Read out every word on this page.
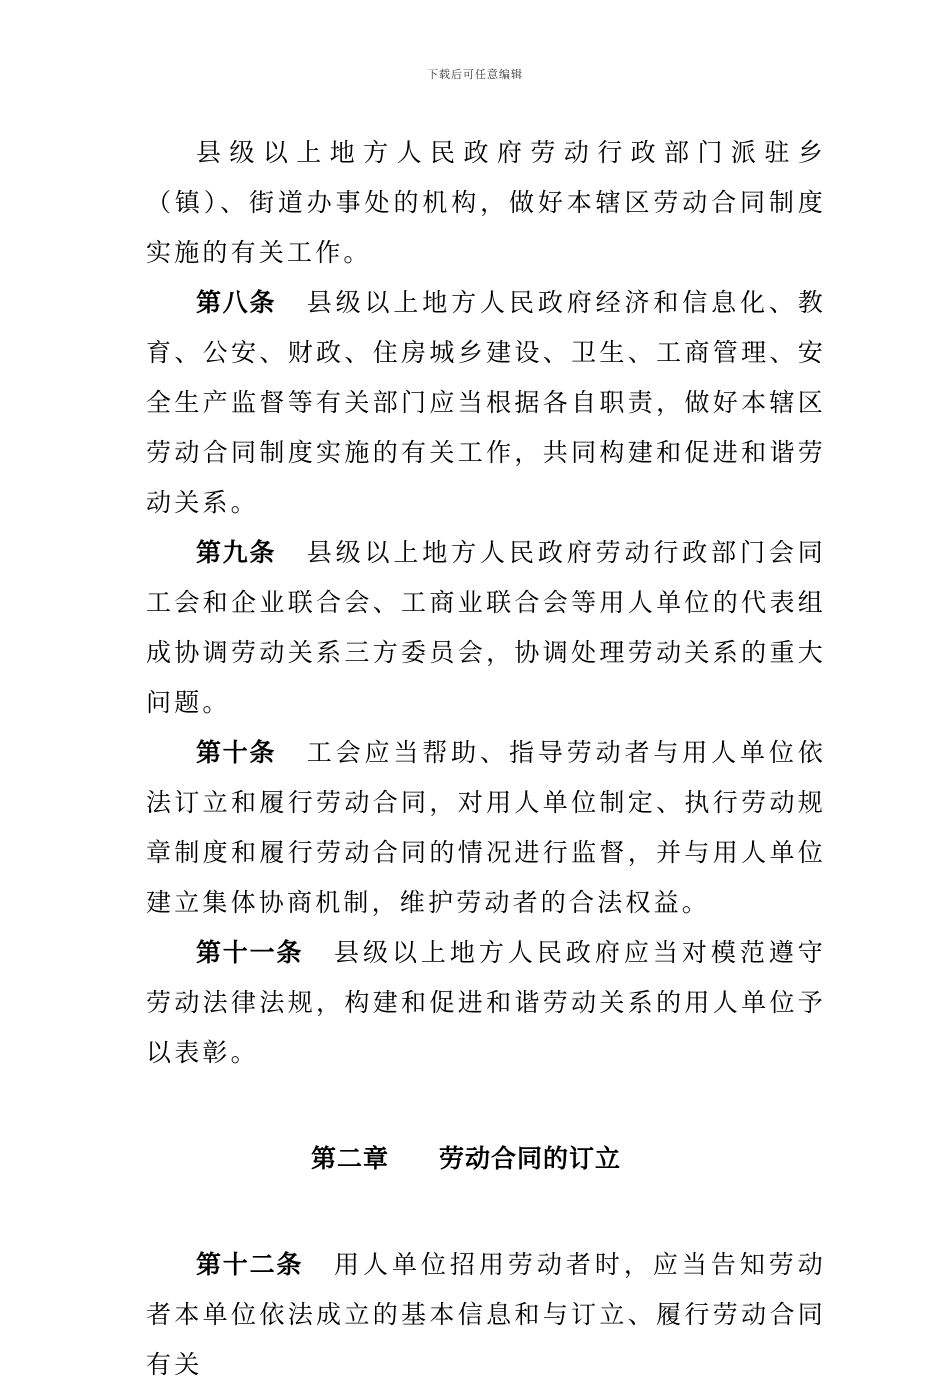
下载后可任意编辑

县级以上地方人民政府劳动行政部门派驻乡（镇）、街道办事处的机构，做好本辖区劳动合同制度实施的有关工作。

第八条 县级以上地方人民政府经济和信息化、教育、公安、财政、住房城乡建设、卫生、工商管理、安全生产监督等有关部门应当根据各自职责，做好本辖区劳动合同制度实施的有关工作，共同构建和促进和谐劳动关系。

第九条 县级以上地方人民政府劳动行政部门会同工会和企业联合会、工商业联合会等用人单位的代表组成协调劳动关系三方委员会，协调处理劳动关系的重大问题。

第十条 工会应当帮助、指导劳动者与用人单位依法订立和履行劳动合同，对用人单位制定、执行劳动规章制度和履行劳动合同的情况进行监督，并与用人单位建立集体协商机制，维护劳动者的合法权益。

第十一条 县级以上地方人民政府应当对模范遵守劳动法律法规，构建和促进和谐劳动关系的用人单位予以表彰。

第二章 劳动合同的订立

第十二条 用人单位招用劳动者时，应当告知劳动者本单位依法成立的基本信息和与订立、履行劳动合同有关
